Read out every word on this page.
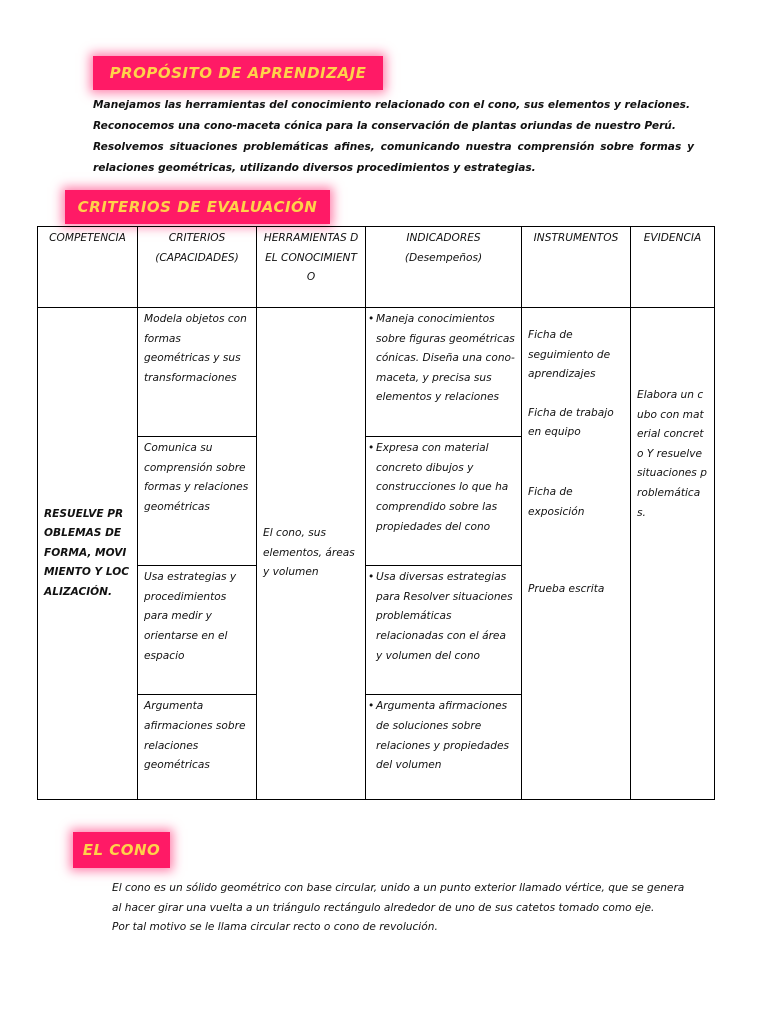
PROPÓSITO DE APRENDIZAJE

Manejamos las herramientas del conocimiento relacionado con el cono, sus elementos y relaciones.

Reconocemos una cono-maceta cónica para la conservación de plantas oriundas de nuestro Perú.

Resolvemos situaciones problemáticas afines, comunicando nuestra comprensión sobre formas y relaciones geométricas, utilizando diversos procedimientos y estrategias.

CRITERIOS DE EVALUACIÓN
COMPETENCIA	CRITERIOS (CAPACIDADES)	HERRAMIENTAS DEL CONOCIMIENTO	INDICADORES (Desempeños)	INSTRUMENTOS	EVIDENCIA
RESUELVE PROBLEMAS DE FORMA, MOVIMIENTO Y LOCALIZACIÓN.	Modela objetos con formas geométricas y sus transformaciones	El cono, sus elementos, áreas y volumen	• Maneja conocimientos sobre figuras geométricas cónicas. Diseña una cono-maceta, y precisa sus elementos y relaciones	Ficha de seguimiento de aprendizajes
Ficha de trabajo en equipo
Ficha de exposición
Prueba escrita	Elabora un cubo con material concreto Y resuelve situaciones problemáticas.
	Comunica su comprensión sobre formas y relaciones geométricas		• Expresa con material concreto dibujos y construcciones lo que ha comprendido sobre las propiedades del cono
	Usa estrategias y procedimientos para medir y orientarse en el espacio		• Usa diversas estrategias para Resolver situaciones problemáticas relacionadas con el área y volumen del cono
	Argumenta afirmaciones sobre relaciones geométricas		• Argumenta afirmaciones de soluciones sobre relaciones y propiedades del volumen
EL CONO

El cono es un sólido geométrico con base circular, unido a un punto exterior llamado vértice, que se genera al hacer girar una vuelta a un triángulo rectángulo alrededor de uno de sus catetos tomado como eje.

Por tal motivo se le llama circular recto o cono de revolución.
